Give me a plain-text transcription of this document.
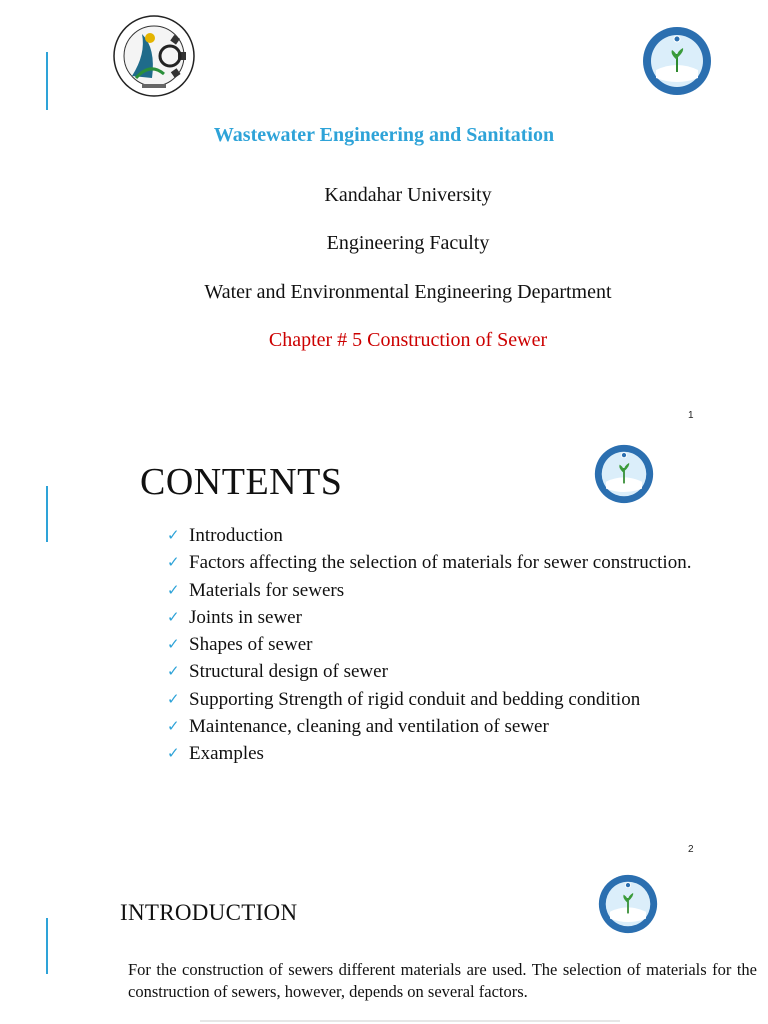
Wastewater Engineering and Sanitation
Kandahar University
Engineering Faculty
Water and Environmental Engineering Department
Chapter # 5 Construction of Sewer
1
CONTENTS
✓ Introduction
✓ Factors affecting the selection of materials for sewer construction.
✓ Materials for sewers
✓ Joints in sewer
✓ Shapes of sewer
✓ Structural design of sewer
✓ Supporting Strength of rigid conduit and bedding condition
✓ Maintenance, cleaning and ventilation of sewer
✓ Examples
2
INTRODUCTION
For the construction of sewers different materials are used. The selection of materials for the construction of sewers, however, depends on several factors.
